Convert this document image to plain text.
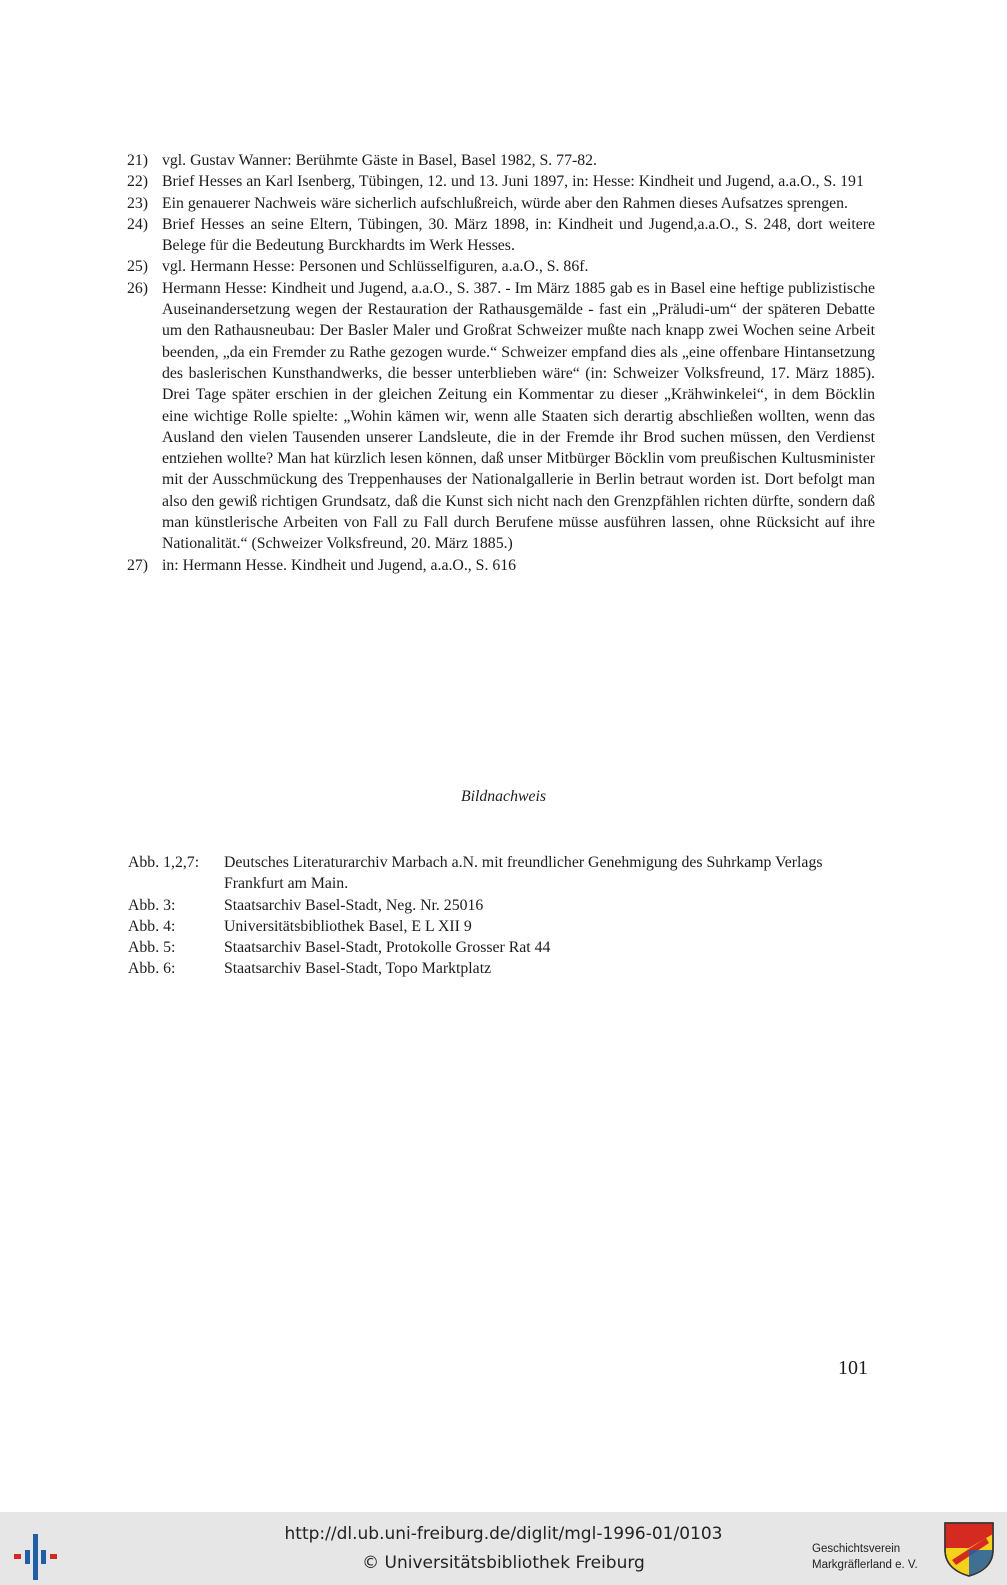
21) vgl. Gustav Wanner: Berühmte Gäste in Basel, Basel 1982, S. 77-82.
22) Brief Hesses an Karl Isenberg, Tübingen, 12. und 13. Juni 1897, in: Hesse: Kindheit und Jugend, a.a.O., S. 191
23) Ein genauerer Nachweis wäre sicherlich aufschlußreich, würde aber den Rahmen dieses Aufsatzes sprengen.
24) Brief Hesses an seine Eltern, Tübingen, 30. März 1898, in: Kindheit und Jugend,a.a.O., S. 248, dort weitere Belege für die Bedeutung Burckhardts im Werk Hesses.
25) vgl. Hermann Hesse: Personen und Schlüsselfiguren, a.a.O., S. 86f.
26) Hermann Hesse: Kindheit und Jugend, a.a.O., S. 387. - Im März 1885 gab es in Basel eine heftige publizistische Auseinandersetzung wegen der Restauration der Rathausgemälde - fast ein „Präludi-um“ der späteren Debatte um den Rathausneubau: Der Basler Maler und Großrat Schweizer mußte nach knapp zwei Wochen seine Arbeit beenden, „da ein Fremder zu Rathe gezogen wurde.“ Schweizer empfand dies als „eine offenbare Hintansetzung des baslerischen Kunsthandwerks, die besser unterblieben wäre“ (in: Schweizer Volksfreund, 17. März 1885). Drei Tage später erschien in der gleichen Zeitung ein Kommentar zu dieser „Krähwinkelei“, in dem Böcklin eine wichtige Rolle spielte: „Wohin kämen wir, wenn alle Staaten sich derartig abschließen wollten, wenn das Ausland den vielen Tausenden unserer Landsleute, die in der Fremde ihr Brod suchen müssen, den Verdienst entziehen wollte? Man hat kürzlich lesen können, daß unser Mitbürger Böcklin vom preußischen Kultusminister mit der Ausschmückung des Treppenhauses der Nationalgallerie in Berlin betraut worden ist. Dort befolgt man also den gewiß richtigen Grundsatz, daß die Kunst sich nicht nach den Grenzpfählen richten dürfte, sondern daß man künstlerische Arbeiten von Fall zu Fall durch Berufene müsse ausführen lassen, ohne Rücksicht auf ihre Nationalität.“ (Schweizer Volksfreund, 20. März 1885.)
27) in: Hermann Hesse. Kindheit und Jugend, a.a.O., S. 616
Bildnachweis
Abb. 1,2,7:	Deutsches Literaturarchiv Marbach a.N. mit freundlicher Genehmigung des Suhrkamp Verlags Frankfurt am Main.
Abb. 3:	Staatsarchiv Basel-Stadt, Neg. Nr. 25016
Abb. 4:	Universitätsbibliothek Basel, E L XII 9
Abb. 5:	Staatsarchiv Basel-Stadt, Protokolle Grosser Rat 44
Abb. 6:	Staatsarchiv Basel-Stadt, Topo Marktplatz
101
http://dl.ub.uni-freiburg.de/diglit/mgl-1996-01/0103
© Universitätsbibliothek Freiburg
Geschichtsverein
Markgräflerland e. V.
